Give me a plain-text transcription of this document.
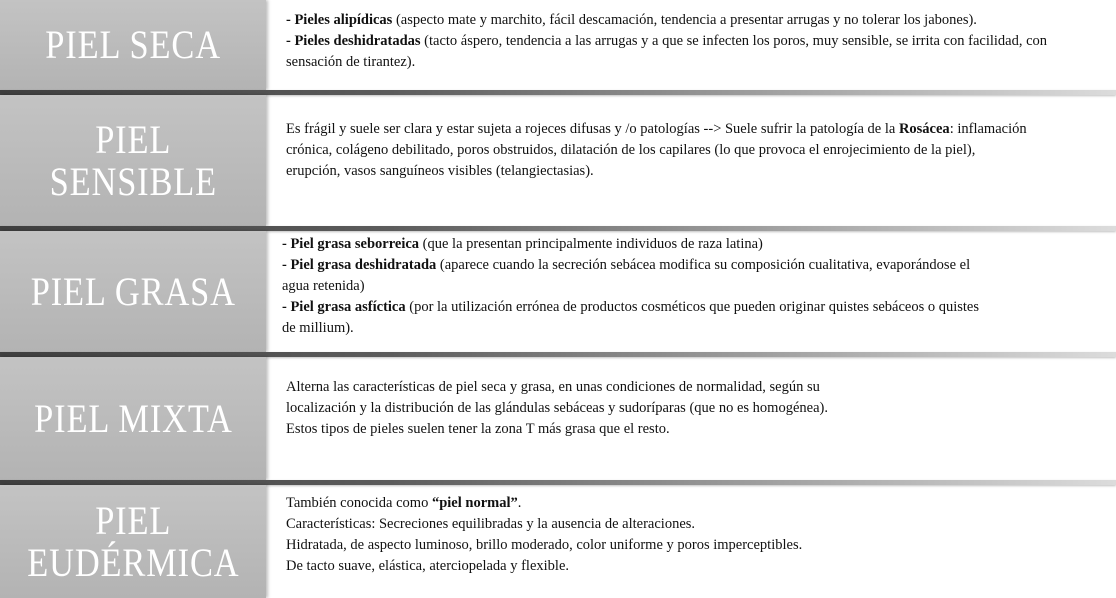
PIEL SECA

- Pieles alipídicas (aspecto mate y marchito, fácil descamación, tendencia a presentar arrugas y no tolerar los jabones).

- Pieles deshidratadas (tacto áspero, tendencia a las arrugas y a que se infecten los poros, muy sensible, se irrita con facilidad, con

sensación de tirantez).

PIEL
SENSIBLE

Es frágil y suele ser clara y estar sujeta a rojeces difusas y /o patologías --> Suele sufrir la patología de la Rosácea: inflamación

crónica, colágeno debilitado, poros obstruidos, dilatación de los capilares (lo que provoca el enrojecimiento de la piel),

erupción, vasos sanguíneos visibles (telangiectasias).

PIEL GRASA

- Piel grasa seborreica (que la presentan principalmente individuos de raza latina)

- Piel grasa deshidratada (aparece cuando la secreción sebácea modifica su composición cualitativa, evaporándose el

agua retenida)

- Piel grasa asfíctica (por la utilización errónea de productos cosméticos que pueden originar quistes sebáceos o quistes

de millium).

PIEL MIXTA

Alterna las características de piel seca y grasa, en unas condiciones de normalidad, según su

localización y la distribución de las glándulas sebáceas y sudoríparas (que no es homogénea).

Estos tipos de pieles suelen tener la zona T más grasa que el resto.

PIEL
EUDÉRMICA

También conocida como “piel normal”.

Características: Secreciones equilibradas y la ausencia de alteraciones.

Hidratada, de aspecto luminoso, brillo moderado, color uniforme y poros imperceptibles.

De tacto suave, elástica, aterciopelada y flexible.
